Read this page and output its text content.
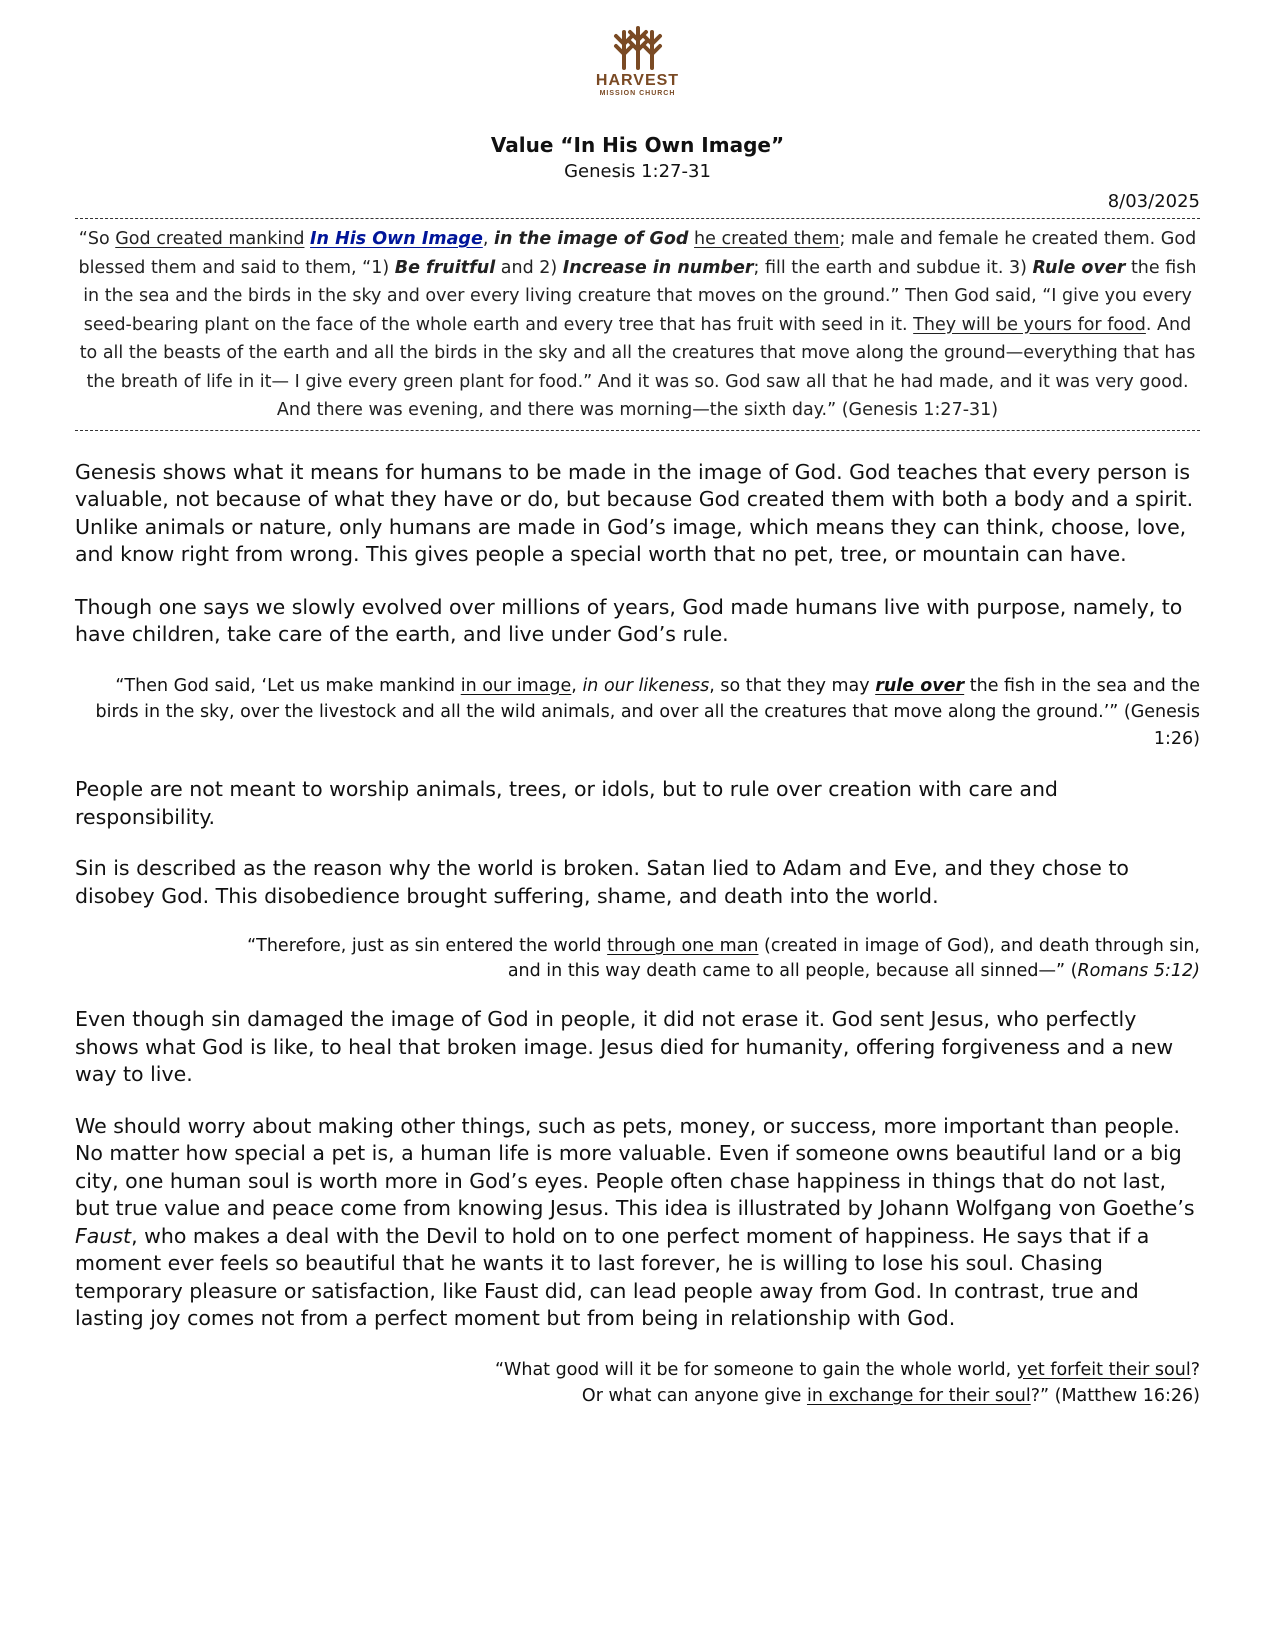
HARVEST
MISSION CHURCH
Value “In His Own Image”
Genesis 1:27-31
8/03/2025
“So God created mankind In His Own Image, in the image of God he created them; male and female he created them. God blessed them and said to them, “1) Be fruitful and 2) Increase in number; fill the earth and subdue it. 3) Rule over the fish in the sea and the birds in the sky and over every living creature that moves on the ground.” Then God said, “I give you every seed-bearing plant on the face of the whole earth and every tree that has fruit with seed in it. They will be yours for food. And to all the beasts of the earth and all the birds in the sky and all the creatures that move along the ground—everything that has the breath of life in it— I give every green plant for food.” And it was so. God saw all that he had made, and it was very good. And there was evening, and there was morning—the sixth day.” (Genesis 1:27-31)

Genesis shows what it means for humans to be made in the image of God. God teaches that every person is valuable, not because of what they have or do, but because God created them with both a body and a spirit. Unlike animals or nature, only humans are made in God’s image, which means they can think, choose, love, and know right from wrong. This gives people a special worth that no pet, tree, or mountain can have.

Though one says we slowly evolved over millions of years, God made humans live with purpose, namely, to have children, take care of the earth, and live under God’s rule.

“Then God said, ‘Let us make mankind in our image, in our likeness, so that they may rule over the fish in the sea and the birds in the sky, over the livestock and all the wild animals, and over all the creatures that move along the ground.’” (Genesis 1:26)

People are not meant to worship animals, trees, or idols, but to rule over creation with care and responsibility.

Sin is described as the reason why the world is broken. Satan lied to Adam and Eve, and they chose to disobey God. This disobedience brought suffering, shame, and death into the world.

“Therefore, just as sin entered the world through one man (created in image of God), and death through sin,
and in this way death came to all people, because all sinned—” (Romans 5:12)

Even though sin damaged the image of God in people, it did not erase it. God sent Jesus, who perfectly shows what God is like, to heal that broken image. Jesus died for humanity, offering forgiveness and a new way to live.

We should worry about making other things, such as pets, money, or success, more important than people. No matter how special a pet is, a human life is more valuable. Even if someone owns beautiful land or a big city, one human soul is worth more in God’s eyes. People often chase happiness in things that do not last, but true value and peace come from knowing Jesus. This idea is illustrated by Johann Wolfgang von Goethe’s Faust, who makes a deal with the Devil to hold on to one perfect moment of happiness. He says that if a moment ever feels so beautiful that he wants it to last forever, he is willing to lose his soul. Chasing temporary pleasure or satisfaction, like Faust did, can lead people away from God. In contrast, true and lasting joy comes not from a perfect moment but from being in relationship with God.

“What good will it be for someone to gain the whole world, yet forfeit their soul?
Or what can anyone give in exchange for their soul?” (Matthew 16:26)
